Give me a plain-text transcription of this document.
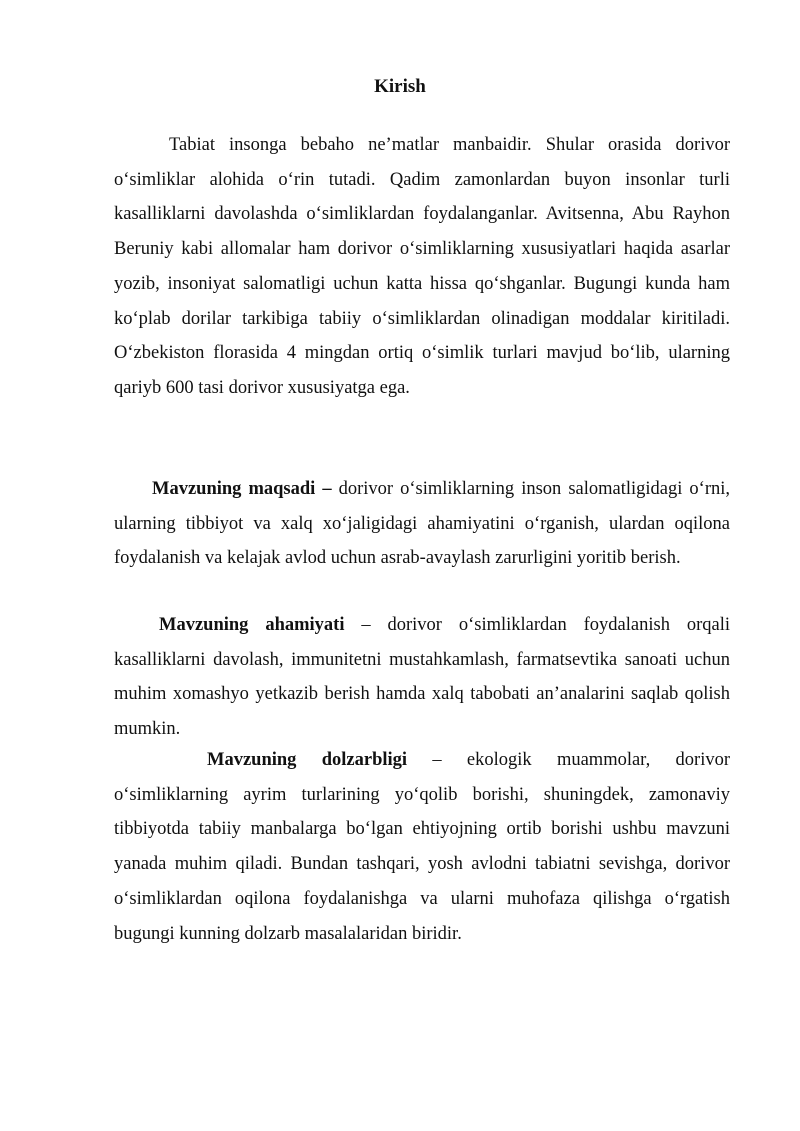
Kirish

Tabiat insonga bebaho ne’matlar manbaidir. Shular orasida dorivor o‘simliklar alohida o‘rin tutadi. Qadim zamonlardan buyon insonlar turli kasalliklarni davolashda o‘simliklardan foydalanganlar. Avitsenna, Abu Rayhon Beruniy kabi allomalar ham dorivor o‘simliklarning xususiyatlari haqida asarlar yozib, insoniyat salomatligi uchun katta hissa qo‘shganlar. Bugungi kunda ham ko‘plab dorilar tarkibiga tabiiy o‘simliklardan olinadigan moddalar kiritiladi. O‘zbekiston florasida 4 mingdan ortiq o‘simlik turlari mavjud bo‘lib, ularning qariyb 600 tasi dorivor xususiyatga ega.

Mavzuning maqsadi – dorivor o‘simliklarning inson salomatligidagi o‘rni, ularning tibbiyot va xalq xo‘jaligidagi ahamiyatini o‘rganish, ulardan oqilona foydalanish va kelajak avlod uchun asrab-avaylash zarurligini yoritib berish.

Mavzuning ahamiyati – dorivor o‘simliklardan foydalanish orqali kasalliklarni davolash, immunitetni mustahkamlash, farmatsevtika sanoati uchun muhim xomashyo yetkazib berish hamda xalq tabobati an’analarini saqlab qolish mumkin.

Mavzuning dolzarbligi – ekologik muammolar, dorivor o‘simliklarning ayrim turlarining yo‘qolib borishi, shuningdek, zamonaviy tibbiyotda tabiiy manbalarga bo‘lgan ehtiyojning ortib borishi ushbu mavzuni yanada muhim qiladi. Bundan tashqari, yosh avlodni tabiatni sevishga, dorivor o‘simliklardan oqilona foydalanishga va ularni muhofaza qilishga o‘rgatish bugungi kunning dolzarb masalalaridan biridir.
